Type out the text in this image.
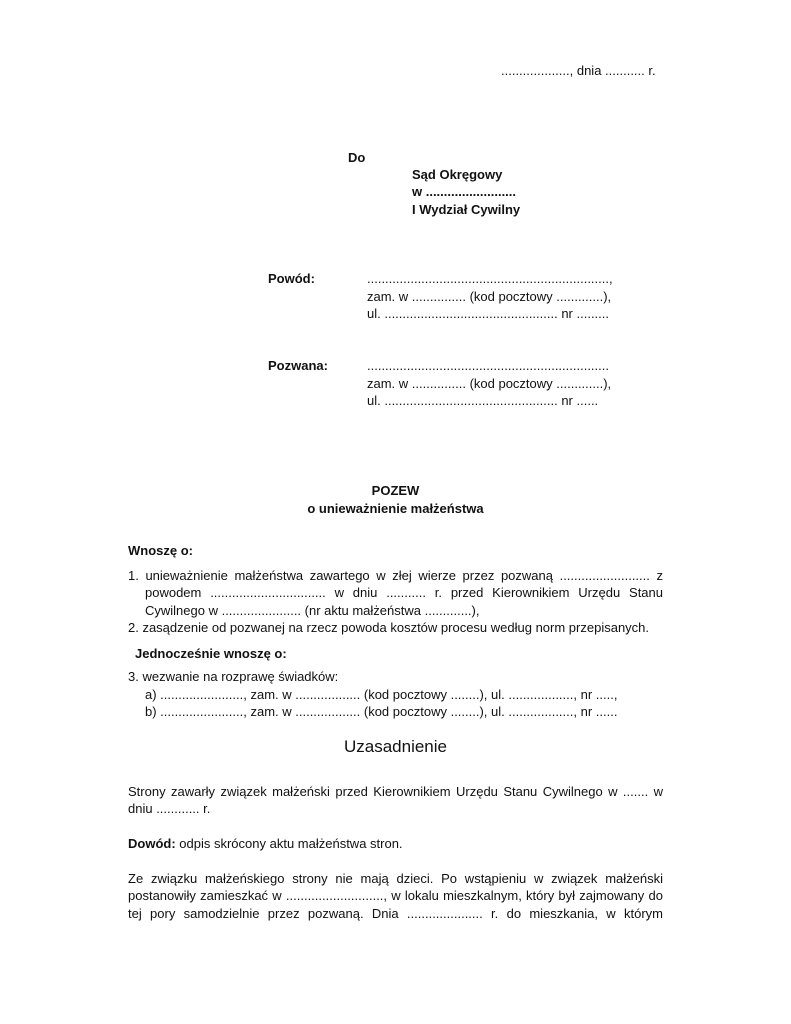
..................., dnia ........... r.
Do
Sąd Okręgowy
w .........................
I Wydział Cywilny
Powód:	...................................................................,
zam. w ............... (kod pocztowy .............),
ul. ................................................ nr .........
Pozwana:	...................................................................
zam. w ............... (kod pocztowy .............),
ul. ................................................ nr ......
POZEW
o unieważnienie małżeństwa
Wnoszę o:
1. unieważnienie małżeństwa zawartego w złej wierze przez pozwaną ......................... z
powodem ................................ w dniu ........... r. przed Kierownikiem Urzędu Stanu
Cywilnego w ...................... (nr aktu małżeństwa .............),
2. zasądzenie od pozwanej na rzecz powoda kosztów procesu według norm przepisanych.
Jednocześnie wnoszę o:
3. wezwanie na rozprawę świadków:
a) ......................., zam. w .................. (kod pocztowy ........), ul. .................., nr .....,
b) ......................., zam. w .................. (kod pocztowy ........), ul. .................., nr ......
Uzasadnienie
Strony zawarły związek małżeński przed Kierownikiem Urzędu Stanu Cywilnego w ....... w
dniu ............ r.
Dowód: odpis skrócony aktu małżeństwa stron.
Ze związku małżeńskiego strony nie mają dzieci. Po wstąpieniu w związek małżeński
postanowiły zamieszkać w ..........................., w lokalu mieszkalnym, który był zajmowany do
tej pory samodzielnie przez pozwaną. Dnia ..................... r. do mieszkania, w którym
